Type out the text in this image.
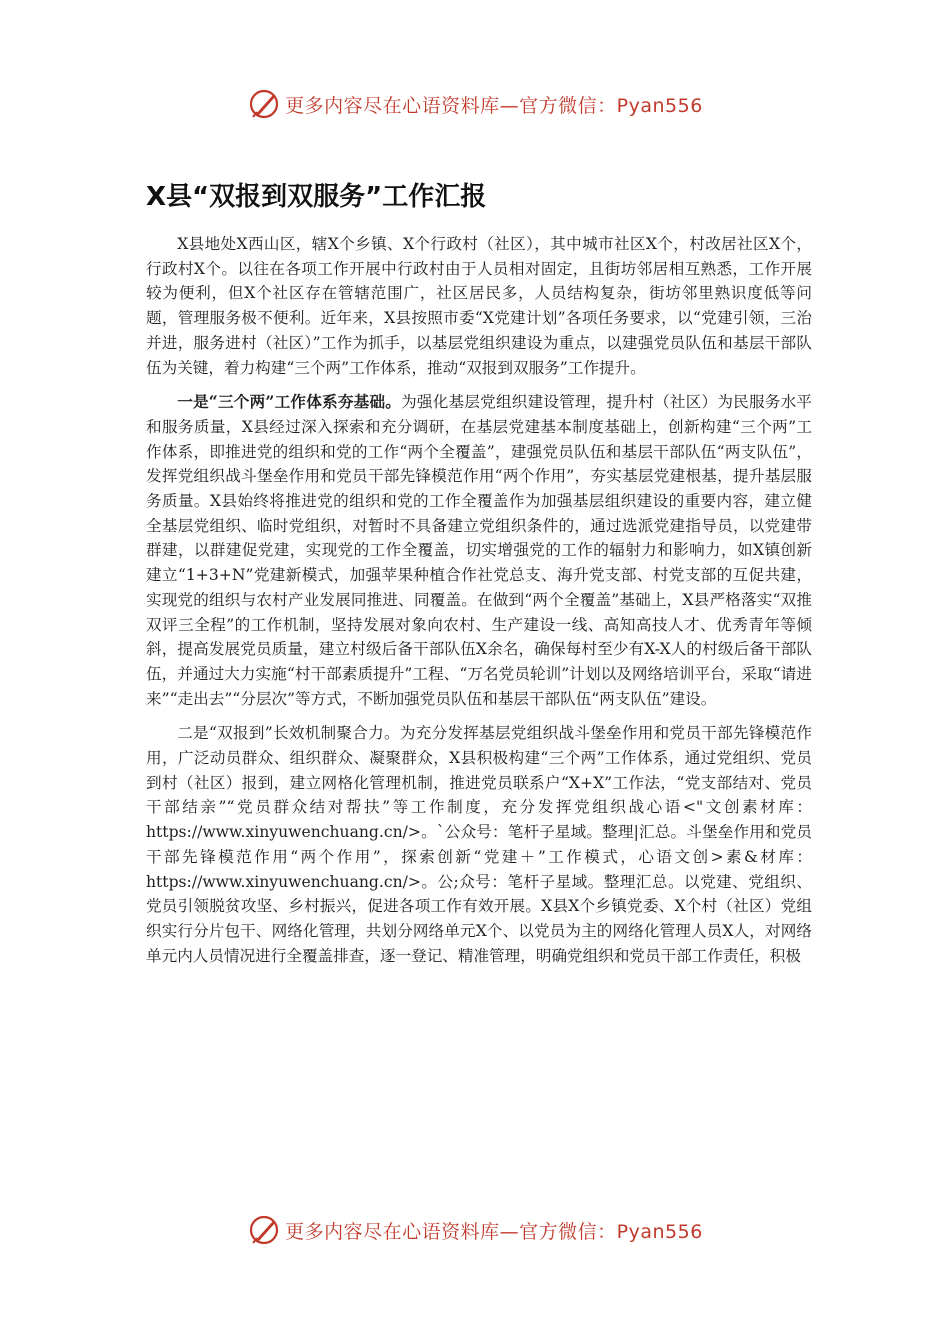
更多内容尽在心语资料库—官方微信：Pyan556
X县“双报到双服务”工作汇报

X县地处X西山区，辖X个乡镇、X个行政村（社区），其中城市社区X个，村改居社区X个，行政村X个。以往在各项工作开展中行政村由于人员相对固定，且街坊邻居相互熟悉，工作开展较为便利，但X个社区存在管辖范围广，社区居民多，人员结构复杂，街坊邻里熟识度低等问题，管理服务极不便利。近年来，X县按照市委“X党建计划”各项任务要求，以“党建引领，三治并进，服务进村（社区）”工作为抓手，以基层党组织建设为重点，以建强党员队伍和基层干部队伍为关键，着力构建“三个两”工作体系，推动“双报到双服务”工作提升。

一是“三个两”工作体系夯基础。为强化基层党组织建设管理，提升村（社区）为民服务水平和服务质量，X县经过深入探索和充分调研，在基层党建基本制度基础上，创新构建“三个两”工作体系，即推进党的组织和党的工作“两个全覆盖”，建强党员队伍和基层干部队伍“两支队伍”，发挥党组织战斗堡垒作用和党员干部先锋模范作用“两个作用”，夯实基层党建根基，提升基层服务质量。X县始终将推进党的组织和党的工作全覆盖作为加强基层组织建设的重要内容，建立健全基层党组织、临时党组织，对暂时不具备建立党组织条件的，通过选派党建指导员，以党建带群建，以群建促党建，实现党的工作全覆盖，切实增强党的工作的辐射力和影响力，如X镇创新建立“1+3+N”党建新模式，加强苹果种植合作社党总支、海升党支部、村党支部的互促共建，实现党的组织与农村产业发展同推进、同覆盖。在做到“两个全覆盖”基础上，X县严格落实“双推双评三全程”的工作机制，坚持发展对象向农村、生产建设一线、高知高技人才、优秀青年等倾斜，提高发展党员质量，建立村级后备干部队伍X余名，确保每村至少有X-X人的村级后备干部队伍，并通过大力实施“村干部素质提升”工程、“万名党员轮训”计划以及网络培训平台，采取“请进来”“走出去”“分层次”等方式，不断加强党员队伍和基层干部队伍“两支队伍”建设。

二是“双报到”长效机制聚合力。为充分发挥基层党组织战斗堡垒作用和党员干部先锋模范作用，广泛动员群众、组织群众、凝聚群众，X县积极构建“三个两”工作体系，通过党组织、党员到村（社区）报到，建立网格化管理机制，推进党员联系户“X+X”工作法，“党支部结对、党员干部结亲”“党员群众结对帮扶”等工作制度，充分发挥党组织战心语<"文创素材库：https://www.xinyuwenchuang.cn/>。`公众号：笔杆子星域。整理|汇总。斗堡垒作用和党员干部先锋模范作用“两个作用”，探索创新“党建＋”工作模式，心语文创>素&材库：https://www.xinyuwenchuang.cn/>。公;众号：笔杆子星域。整理汇总。以党建、党组织、党员引领脱贫攻坚、乡村振兴，促进各项工作有效开展。X县X个乡镇党委、X个村（社区）党组织实行分片包干、网络化管理，共划分网络单元X个、以党员为主的网络化管理人员X人，对网络单元内人员情况进行全覆盖排查，逐一登记、精准管理，明确党组织和党员干部工作责任，积极

更多内容尽在心语资料库—官方微信：Pyan556
